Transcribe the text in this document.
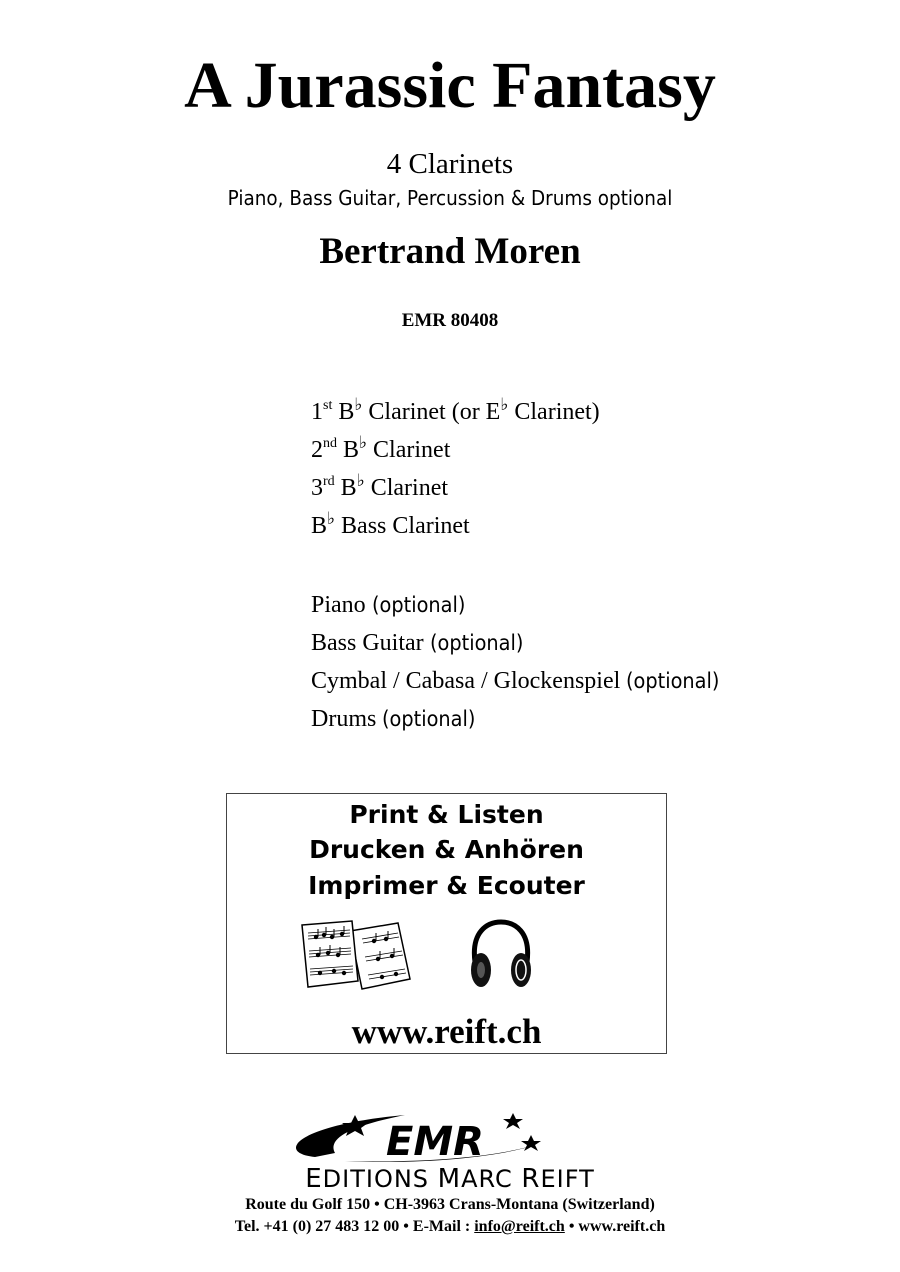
A Jurassic Fantasy
4 Clarinets
Piano, Bass Guitar, Percussion & Drums optional
Bertrand Moren
EMR 80408
1st B♭ Clarinet (or E♭ Clarinet)
2nd B♭ Clarinet
3rd B♭ Clarinet
B♭ Bass Clarinet
Piano (optional)
Bass Guitar (optional)
Cymbal / Cabasa / Glockenspiel (optional)
Drums (optional)
Print & Listen
Drucken & Anhören
Imprimer & Ecouter
www.reift.ch
EMR
EDITIONS MARC REIFT
Route du Golf 150 • CH-3963 Crans-Montana (Switzerland)
Tel. +41 (0) 27 483 12 00 • E-Mail : info@reift.ch • www.reift.ch
